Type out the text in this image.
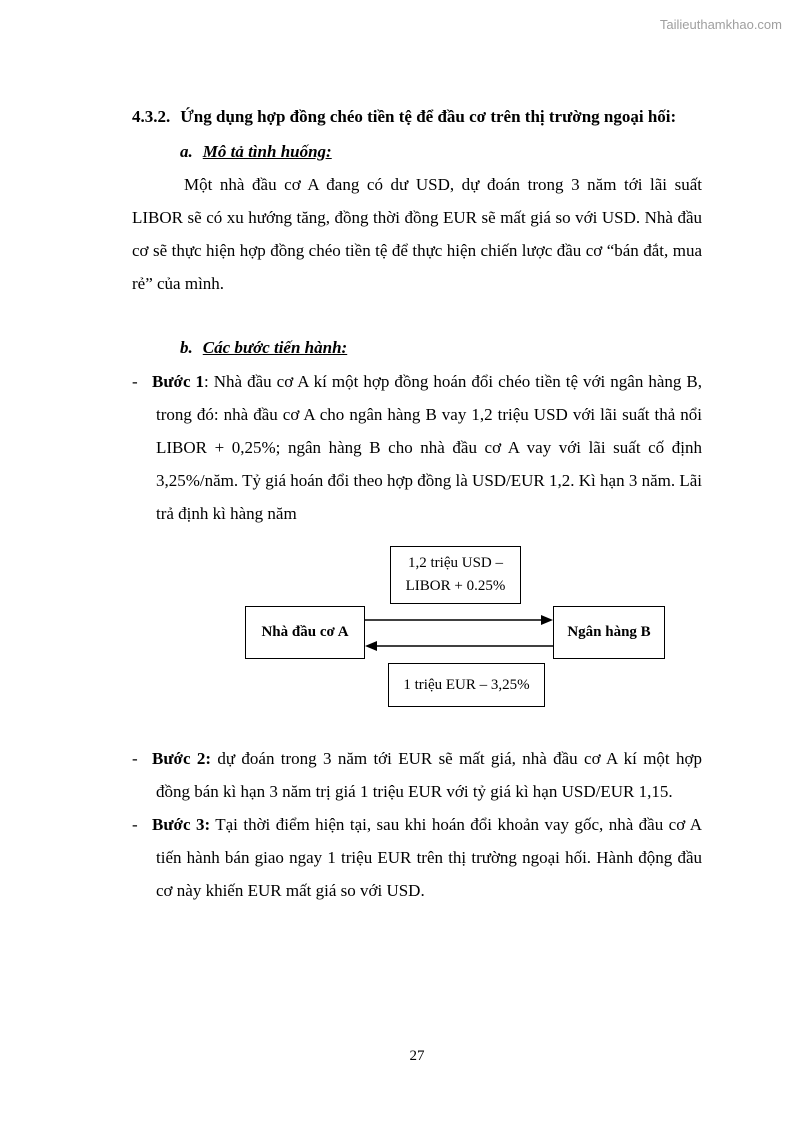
Tailieuthamkhao.com
4.3.2. Ứng dụng hợp đồng chéo tiền tệ để đầu cơ trên thị trường ngoại hối:
a. Mô tả tình huống:
Một nhà đầu cơ A đang có dư USD, dự đoán trong 3 năm tới lãi suất LIBOR sẽ có xu hướng tăng, đồng thời đồng EUR sẽ mất giá so với USD. Nhà đầu cơ sẽ thực hiện hợp đồng chéo tiền tệ để thực hiện chiến lược đầu cơ “bán đắt, mua rẻ” của mình.
b. Các bước tiến hành:
- Bước 1: Nhà đầu cơ A kí một hợp đồng hoán đổi chéo tiền tệ với ngân hàng B, trong đó: nhà đầu cơ A cho ngân hàng B vay 1,2 triệu USD với lãi suất thả nổi LIBOR + 0,25%; ngân hàng B cho nhà đầu cơ A vay với lãi suất cố định 3,25%/năm. Tỷ giá hoán đổi theo hợp đồng là USD/EUR 1,2. Kì hạn 3 năm. Lãi trả định kì hàng năm
Nhà đầu cơ A	Ngân hàng B
1,2 triệu USD –
LIBOR + 0.25%
1 triệu EUR – 3,25%
- Bước 2: dự đoán trong 3 năm tới EUR sẽ mất giá, nhà đầu cơ A kí một hợp đồng bán kì hạn 3 năm trị giá 1 triệu EUR với tỷ giá kì hạn USD/EUR 1,15.
- Bước 3: Tại thời điểm hiện tại, sau khi hoán đổi khoản vay gốc, nhà đầu cơ A tiến hành bán giao ngay 1 triệu EUR trên thị trường ngoại hối. Hành động đầu cơ này khiến EUR mất giá so với USD.
27
